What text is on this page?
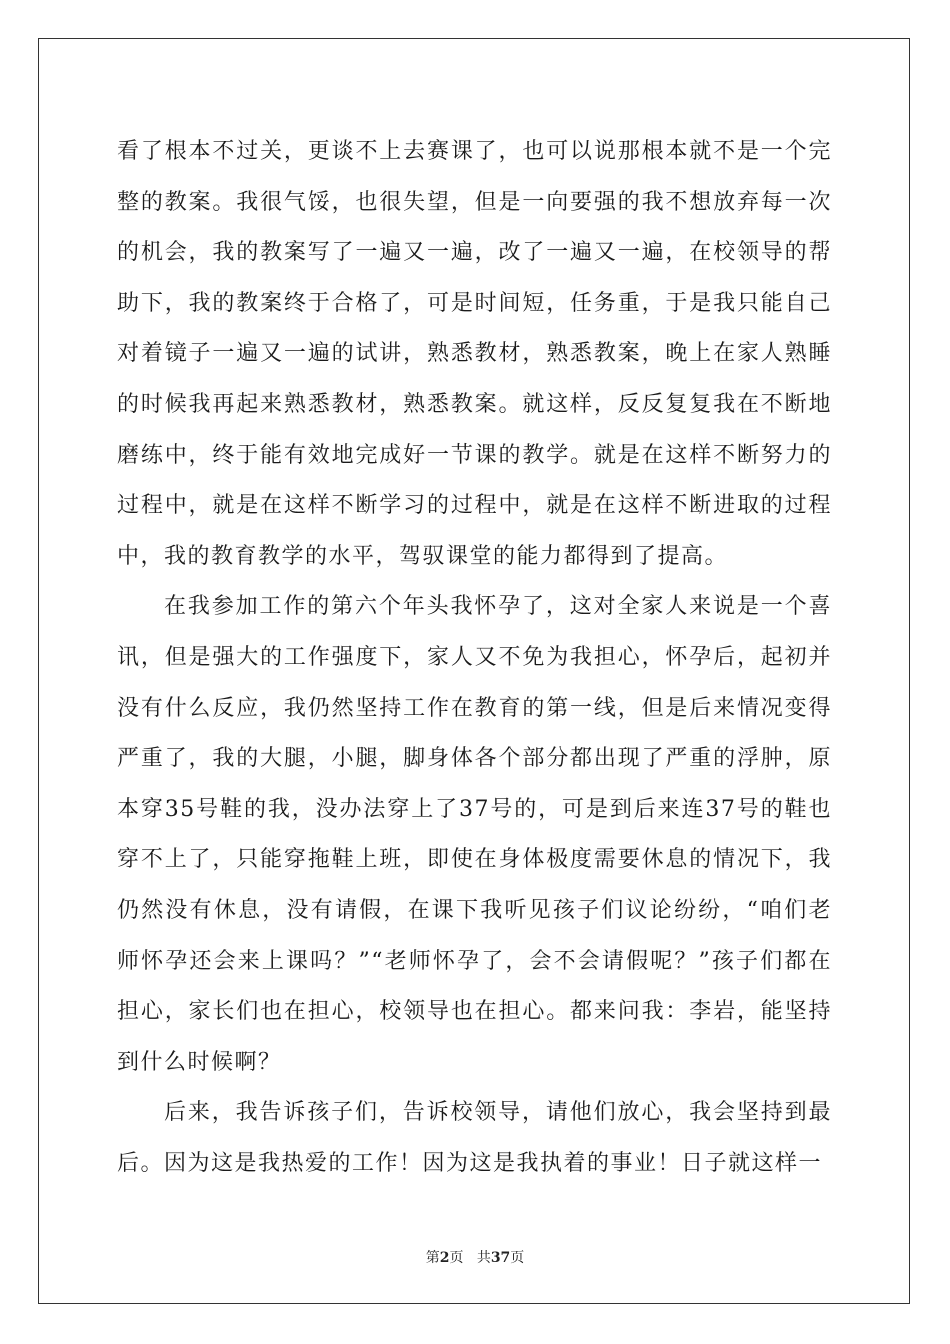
看了根本不过关，更谈不上去赛课了，也可以说那根本就不是一个完整的教案。我很气馁，也很失望，但是一向要强的我不想放弃每一次的机会，我的教案写了一遍又一遍，改了一遍又一遍，在校领导的帮助下，我的教案终于合格了，可是时间短，任务重，于是我只能自己对着镜子一遍又一遍的试讲，熟悉教材，熟悉教案，晚上在家人熟睡的时候我再起来熟悉教材，熟悉教案。就这样，反反复复我在不断地磨练中，终于能有效地完成好一节课的教学。就是在这样不断努力的过程中，就是在这样不断学习的过程中，就是在这样不断进取的过程中，我的教育教学的水平，驾驭课堂的能力都得到了提高。

在我参加工作的第六个年头我怀孕了，这对全家人来说是一个喜讯，但是强大的工作强度下，家人又不免为我担心，怀孕后，起初并没有什么反应，我仍然坚持工作在教育的第一线，但是后来情况变得严重了，我的大腿，小腿，脚身体各个部分都出现了严重的浮肿，原本穿35号鞋的我，没办法穿上了37号的，可是到后来连37号的鞋也穿不上了，只能穿拖鞋上班，即使在身体极度需要休息的情况下，我仍然没有休息，没有请假，在课下我听见孩子们议论纷纷，“咱们老师怀孕还会来上课吗？”“老师怀孕了，会不会请假呢？”孩子们都在担心，家长们也在担心，校领导也在担心。都来问我：李岩，能坚持到什么时候啊？

后来，我告诉孩子们，告诉校领导，请他们放心，我会坚持到最后。因为这是我热爱的工作！因为这是我执着的事业！日子就这样一

第2页 共37页
